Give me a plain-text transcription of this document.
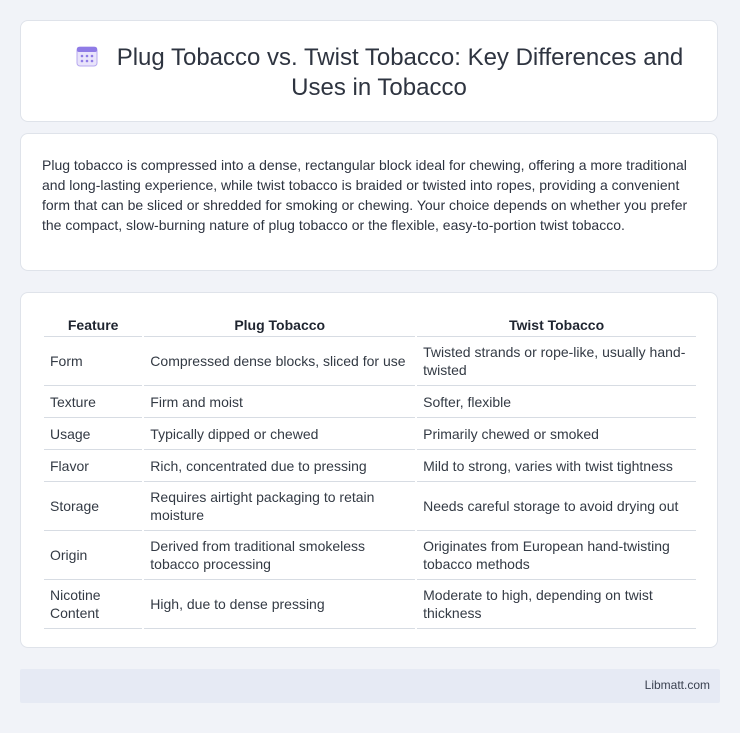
Plug Tobacco vs. Twist Tobacco: Key Differences and Uses in Tobacco
Plug tobacco is compressed into a dense, rectangular block ideal for chewing, offering a more traditional and long-lasting experience, while twist tobacco is braided or twisted into ropes, providing a convenient form that can be sliced or shredded for smoking or chewing. Your choice depends on whether you prefer the compact, slow-burning nature of plug tobacco or the flexible, easy-to-portion twist tobacco.
Feature	Plug Tobacco	Twist Tobacco
Form	Compressed dense blocks, sliced for use	Twisted strands or rope-like, usually hand-twisted
Texture	Firm and moist	Softer, flexible
Usage	Typically dipped or chewed	Primarily chewed or smoked
Flavor	Rich, concentrated due to pressing	Mild to strong, varies with twist tightness
Storage	Requires airtight packaging to retain moisture	Needs careful storage to avoid drying out
Origin	Derived from traditional smokeless tobacco processing	Originates from European hand-twisting tobacco methods
Nicotine Content	High, due to dense pressing	Moderate to high, depending on twist thickness
Libmatt.com
